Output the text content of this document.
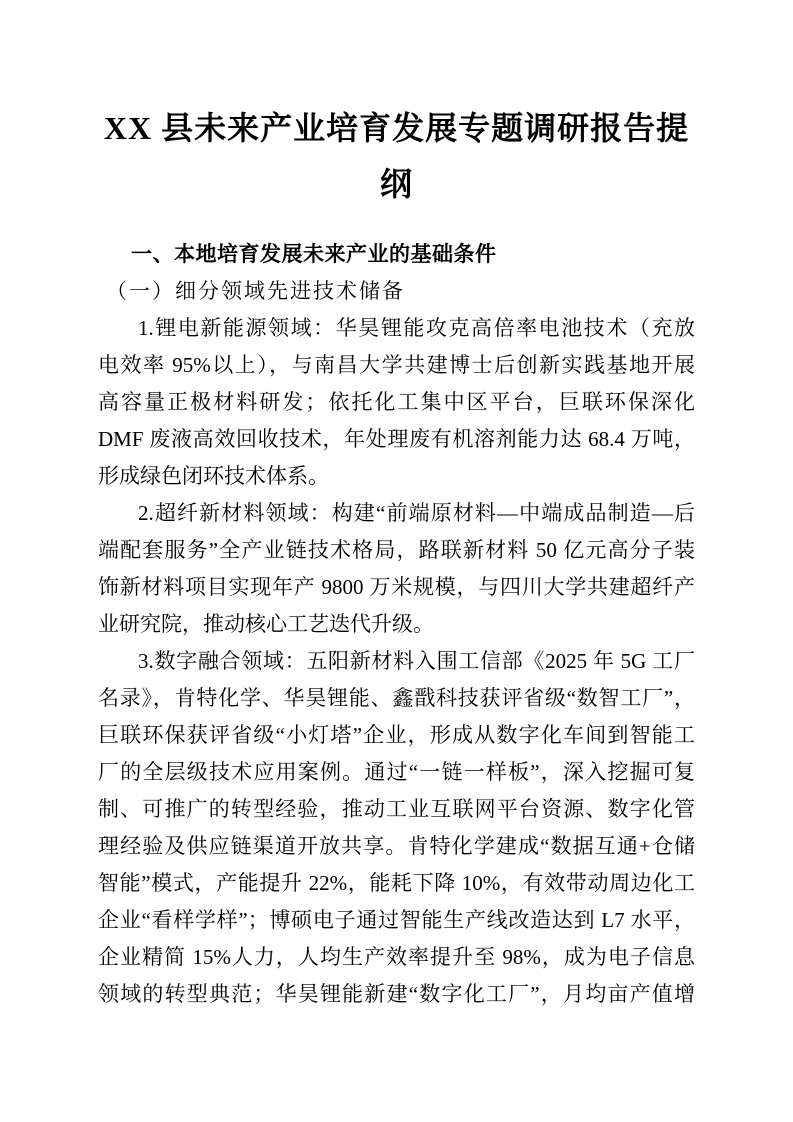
XX 县未来产业培育发展专题调研报告提
纲
一、本地培育发展未来产业的基础条件
（一）细分领域先进技术储备

1.锂电新能源领域：华昊锂能攻克高倍率电池技术（充放
电效率 95%以上），与南昌大学共建博士后创新实践基地开展
高容量正极材料研发；依托化工集中区平台，巨联环保深化
DMF 废液高效回收技术，年处理废有机溶剂能力达 68.4 万吨，
形成绿色闭环技术体系。

2.超纤新材料领域：构建“前端原材料—中端成品制造—后
端配套服务”全产业链技术格局，路联新材料 50 亿元高分子装
饰新材料项目实现年产 9800 万米规模，与四川大学共建超纤产
业研究院，推动核心工艺迭代升级。

3.数字融合领域：五阳新材料入围工信部《2025 年 5G 工厂
名录》，肯特化学、华昊锂能、鑫戬科技获评省级“数智工厂”，
巨联环保获评省级“小灯塔”企业，形成从数字化车间到智能工
厂的全层级技术应用案例。通过“一链一样板”，深入挖掘可复
制、可推广的转型经验，推动工业互联网平台资源、数字化管
理经验及供应链渠道开放共享。肯特化学建成“数据互通+仓储
智能”模式，产能提升 22%，能耗下降 10%，有效带动周边化工
企业“看样学样”；博硕电子通过智能生产线改造达到 L7 水平，
企业精简 15%人力，人均生产效率提升至 98%，成为电子信息
领域的转型典范；华昊锂能新建“数字化工厂”，月均亩产值增
